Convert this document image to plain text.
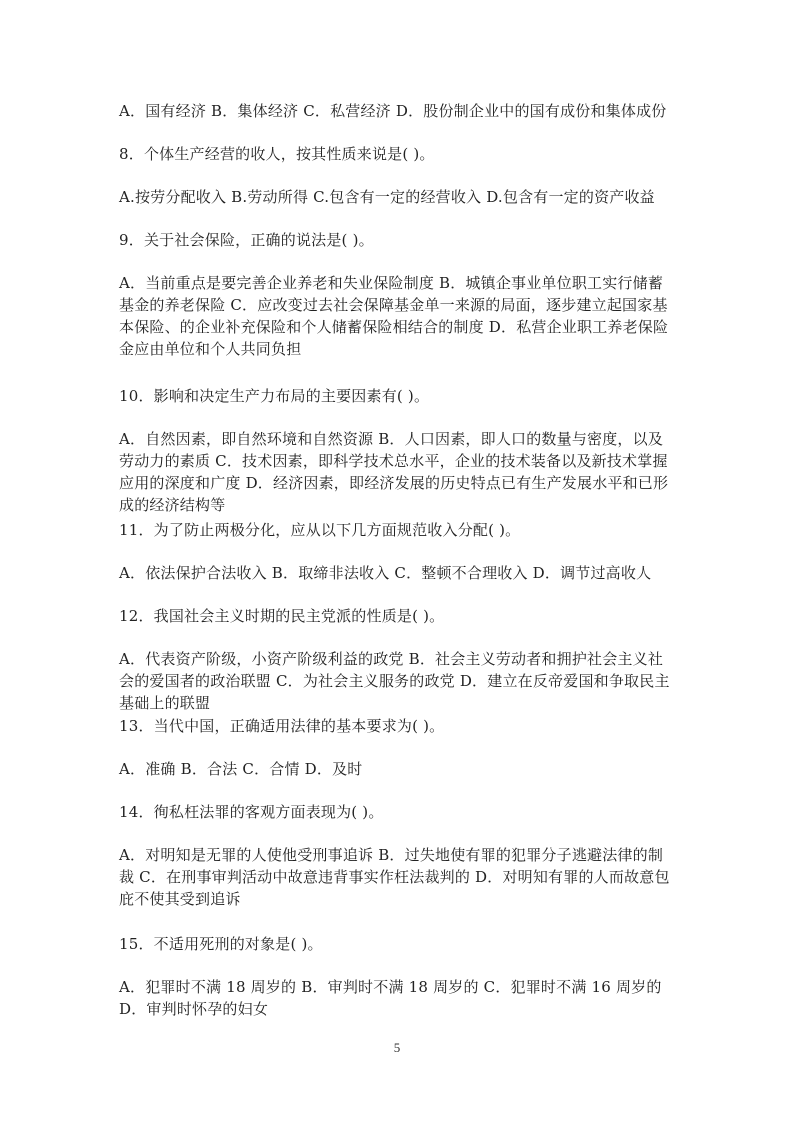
A．国有经济 B．集体经济 C．私营经济 D．股份制企业中的国有成份和集体成份

8．个体生产经营的收人，按其性质来说是( )。

A.按劳分配收入 B.劳动所得 C.包含有一定的经营收入 D.包含有一定的资产收益

9．关于社会保险，正确的说法是( )。

A．当前重点是要完善企业养老和失业保险制度 B．城镇企事业单位职工实行储蓄基金的养老保险 C．应改变过去社会保障基金单一来源的局面，逐步建立起国家基本保险、的企业补充保险和个人储蓄保险相结合的制度 D．私营企业职工养老保险金应由单位和个人共同负担

10．影响和决定生产力布局的主要因素有( )。

A．自然因素，即自然环境和自然资源 B．人口因素，即人口的数量与密度，以及劳动力的素质 C．技术因素，即科学技术总水平，企业的技术装备以及新技术掌握应用的深度和广度 D．经济因素，即经济发展的历史特点已有生产发展水平和已形成的经济结构等

11．为了防止两极分化，应从以下几方面规范收入分配( )。

A．依法保护合法收入 B．取缔非法收入 C．整顿不合理收入 D．调节过高收人

12．我国社会主义时期的民主党派的性质是( )。

A．代表资产阶级，小资产阶级利益的政党 B．社会主义劳动者和拥护社会主义社会的爱国者的政治联盟 C．为社会主义服务的政党 D．建立在反帝爱国和争取民主基础上的联盟

13．当代中国，正确适用法律的基本要求为( )。

A．准确 B．合法 C．合情 D．及时

14．徇私枉法罪的客观方面表现为( )。

A．对明知是无罪的人使他受刑事追诉 B．过失地使有罪的犯罪分子逃避法律的制裁 C．在刑事审判活动中故意违背事实作枉法裁判的 D．对明知有罪的人而故意包庇不使其受到追诉

15．不适用死刑的对象是( )。

A．犯罪时不满 18 周岁的 B．审判时不满 18 周岁的 C．犯罪时不满 16 周岁的 D．审判时怀孕的妇女

5
